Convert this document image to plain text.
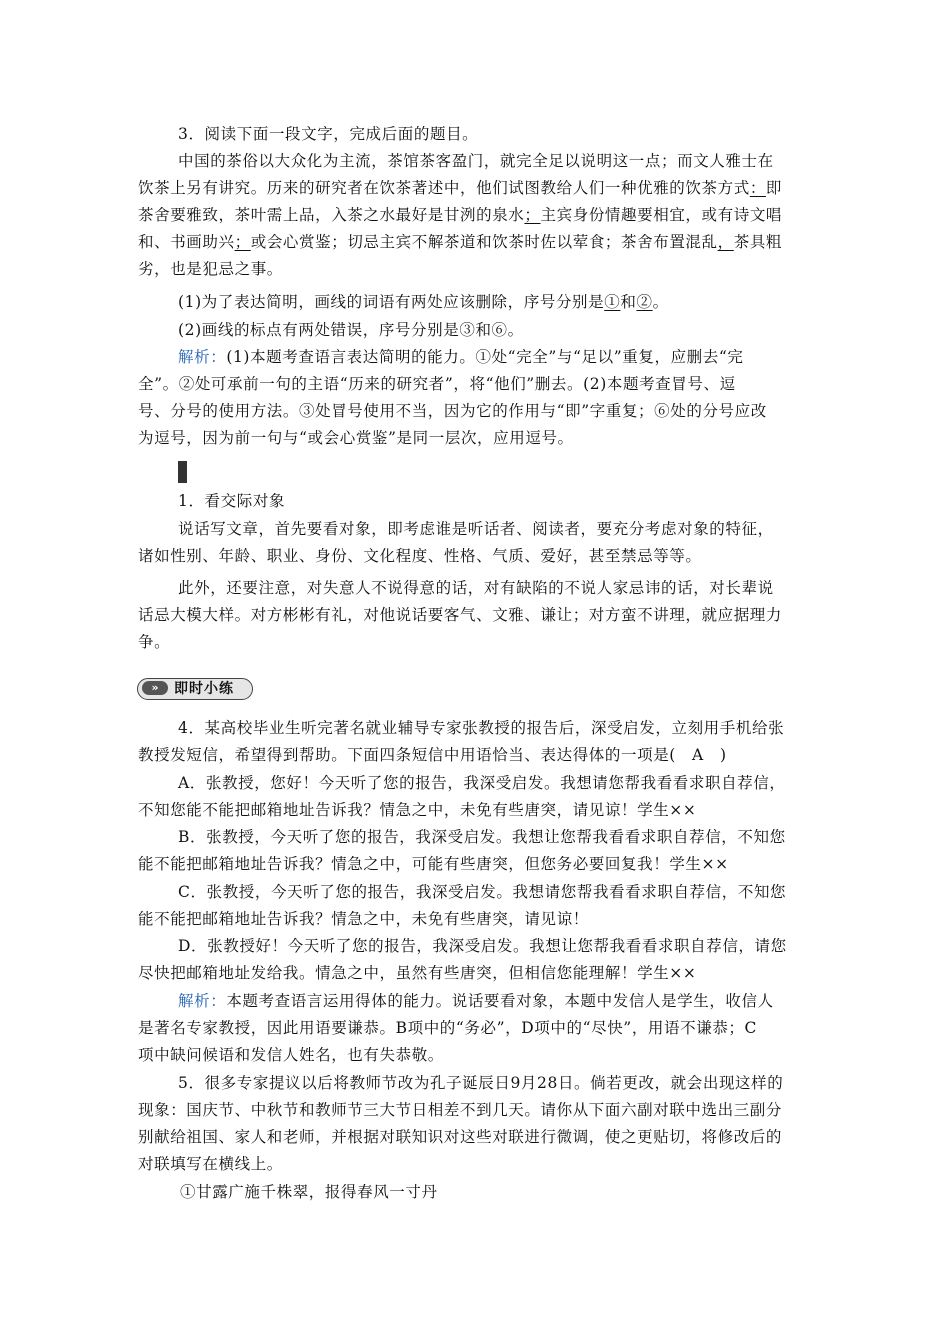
3．阅读下面一段文字，完成后面的题目。
中国的茶俗以大众化为主流，茶馆茶客盈门，就完全足以说明这一点；而文人雅士在
饮茶上另有讲究。历来的研究者在饮茶著述中，他们试图教给人们一种优雅的饮茶方式：即
茶舍要雅致，茶叶需上品，入茶之水最好是甘洌的泉水；主宾身份情趣要相宜，或有诗文唱
和、书画助兴；或会心赏鉴；切忌主宾不解茶道和饮茶时佐以荤食；茶舍布置混乱，茶具粗
劣，也是犯忌之事。
(1)为了表达简明，画线的词语有两处应该删除，序号分别是①和②。
(2)画线的标点有两处错误，序号分别是③和⑥。
解析：(1)本题考查语言表达简明的能力。①处“完全”与“足以”重复，应删去“完
全”。②处可承前一句的主语“历来的研究者”，将“他们”删去。(2)本题考查冒号、逗
号、分号的使用方法。③处冒号使用不当，因为它的作用与“即”字重复；⑥处的分号应改
为逗号，因为前一句与“或会心赏鉴”是同一层次，应用逗号。
1．看交际对象
说话写文章，首先要看对象，即考虑谁是听话者、阅读者，要充分考虑对象的特征，
诸如性别、年龄、职业、身份、文化程度、性格、气质、爱好，甚至禁忌等等。
此外，还要注意，对失意人不说得意的话，对有缺陷的不说人家忌讳的话，对长辈说
话忌大模大样。对方彬彬有礼，对他说话要客气、文雅、谦让；对方蛮不讲理，就应据理力
争。
»	即时小练
4．某高校毕业生听完著名就业辅导专家张教授的报告后，深受启发，立刻用手机给张
教授发短信，希望得到帮助。下面四条短信中用语恰当、表达得体的一项是(　A　)
A．张教授，您好！今天听了您的报告，我深受启发。我想请您帮我看看求职自荐信，
不知您能不能把邮箱地址告诉我？情急之中，未免有些唐突，请见谅！学生××
B．张教授，今天听了您的报告，我深受启发。我想让您帮我看看求职自荐信，不知您
能不能把邮箱地址告诉我？情急之中，可能有些唐突，但您务必要回复我！学生××
C．张教授，今天听了您的报告，我深受启发。我想请您帮我看看求职自荐信，不知您
能不能把邮箱地址告诉我？情急之中，未免有些唐突，请见谅！
D．张教授好！今天听了您的报告，我深受启发。我想让您帮我看看求职自荐信，请您
尽快把邮箱地址发给我。情急之中，虽然有些唐突，但相信您能理解！学生××
解析：本题考查语言运用得体的能力。说话要看对象，本题中发信人是学生，收信人
是著名专家教授，因此用语要谦恭。B项中的“务必”，D项中的“尽快”，用语不谦恭；C
项中缺问候语和发信人姓名，也有失恭敬。
5．很多专家提议以后将教师节改为孔子诞辰日9月28日。倘若更改，就会出现这样的
现象：国庆节、中秋节和教师节三大节日相差不到几天。请你从下面六副对联中选出三副分
别献给祖国、家人和老师，并根据对联知识对这些对联进行微调，使之更贴切，将修改后的
对联填写在横线上。
①甘露广施千株翠，报得春风一寸丹
